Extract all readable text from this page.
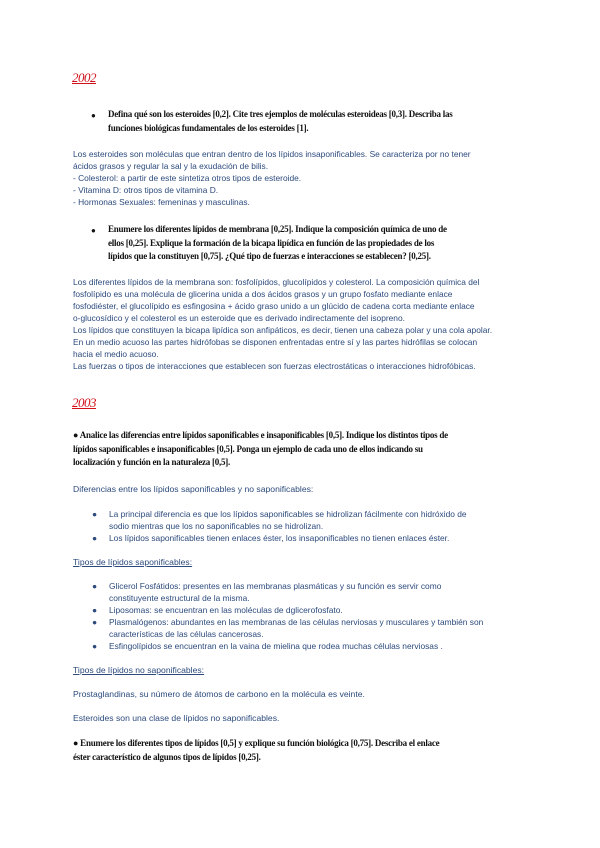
2002
● Defina qué son los esteroides [0,2]. Cite tres ejemplos de moléculas esteroideas [0,3]. Describa las
funciones biológicas fundamentales de los esteroides [1].
Los esteroides son moléculas que entran dentro de los lípidos insaponificables. Se caracteriza por no tener
ácidos grasos y regular la sal y la exudación de bilis.
- Colesterol: a partir de este sintetiza otros tipos de esteroide.
- Vitamina D: otros tipos de vitamina D.
- Hormonas Sexuales: femeninas y masculinas.
● Enumere los diferentes lípidos de membrana [0,25]. Indique la composición química de uno de
ellos [0,25]. Explique la formación de la bicapa lipídica en función de las propiedades de los
lípidos que la constituyen [0,75]. ¿Qué tipo de fuerzas e interacciones se establecen? [0,25].
Los diferentes lípidos de la membrana son: fosfolípidos, glucolípidos y colesterol. La composición química del
fosfolípido es una molécula de glicerina unida a dos ácidos grasos y un grupo fosfato mediante enlace
fosfodiéster, el glucolípido es esfingosina + ácido graso unido a un glúcido de cadena corta mediante enlace
o-glucosídico y el colesterol es un esteroide que es derivado indirectamente del isopreno.
Los lípidos que constituyen la bicapa lipídica son anfipáticos, es decir, tienen una cabeza polar y una cola apolar.
En un medio acuoso las partes hidrófobas se disponen enfrentadas entre sí y las partes hidrófilas se colocan
hacia el medio acuoso.
Las fuerzas o tipos de interacciones que establecen son fuerzas electrostáticas o interacciones hidrofóbicas.
2003
● Analice las diferencias entre lípidos saponificables e insaponificables [0,5]. Indique los distintos tipos de
lípidos saponificables e insaponificables [0,5]. Ponga un ejemplo de cada uno de ellos indicando su
localización y función en la naturaleza [0,5].
Diferencias entre los lípidos saponificables y no saponificables:
● La principal diferencia es que los lípidos saponificables se hidrolizan fácilmente con hidróxido de
sodio mientras que los no saponificables no se hidrolizan.
● Los lípidos saponificables tienen enlaces éster, los insaponificables no tienen enlaces éster.
Tipos de lípidos saponificables:
● Glicerol Fosfátidos: presentes en las membranas plasmáticas y su función es servir como
constituyente estructural de la misma.
● Liposomas: se encuentran en las moléculas de dglicerofosfato.
● Plasmalógenos: abundantes en las membranas de las células nerviosas y musculares y también son
características de las células cancerosas.
● Esfingolípidos se encuentran en la vaina de mielina que rodea muchas células nerviosas .
Tipos de lípidos no saponificables:
Prostaglandinas, su número de átomos de carbono en la molécula es veinte.
Esteroides son una clase de lípidos no saponificables.
● Enumere los diferentes tipos de lípidos [0,5] y explique su función biológica [0,75]. Describa el enlace
éster característico de algunos tipos de lípidos [0,25].
